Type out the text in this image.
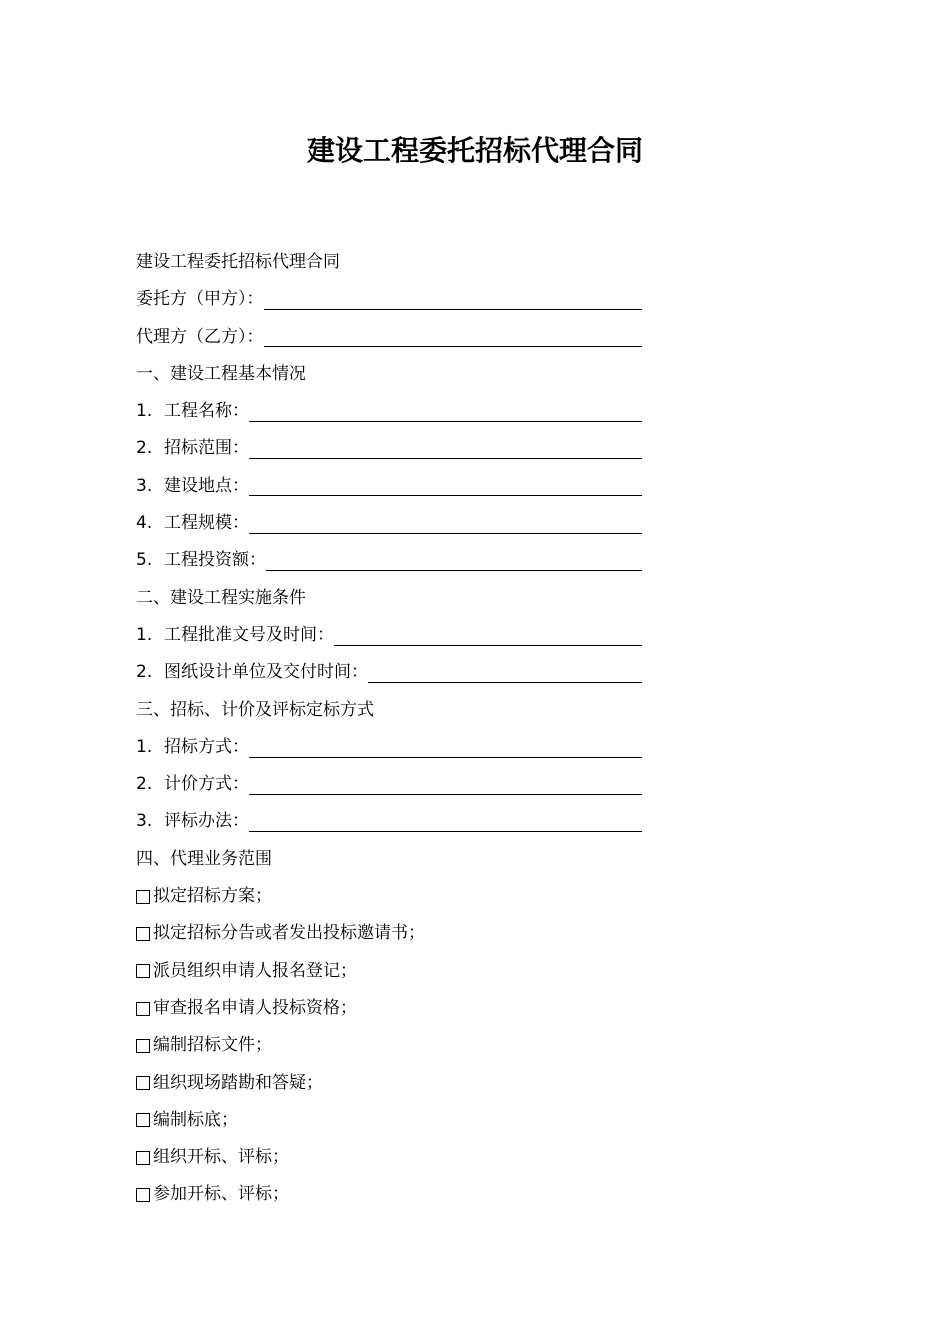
建设工程委托招标代理合同
建设工程委托招标代理合同
委托方（甲方）：
代理方（乙方）：
一、建设工程基本情况
1. 工程名称：
2. 招标范围：
3. 建设地点：
4. 工程规模：
5. 工程投资额：
二、建设工程实施条件
1. 工程批准文号及时间：
2. 图纸设计单位及交付时间：
三、招标、计价及评标定标方式
1. 招标方式：
2. 计价方式：
3. 评标办法：
四、代理业务范围
拟定招标方案；
拟定招标分告或者发出投标邀请书；
派员组织申请人报名登记；
审查报名申请人投标资格；
编制招标文件；
组织现场踏勘和答疑；
编制标底；
组织开标、评标；
参加开标、评标；
